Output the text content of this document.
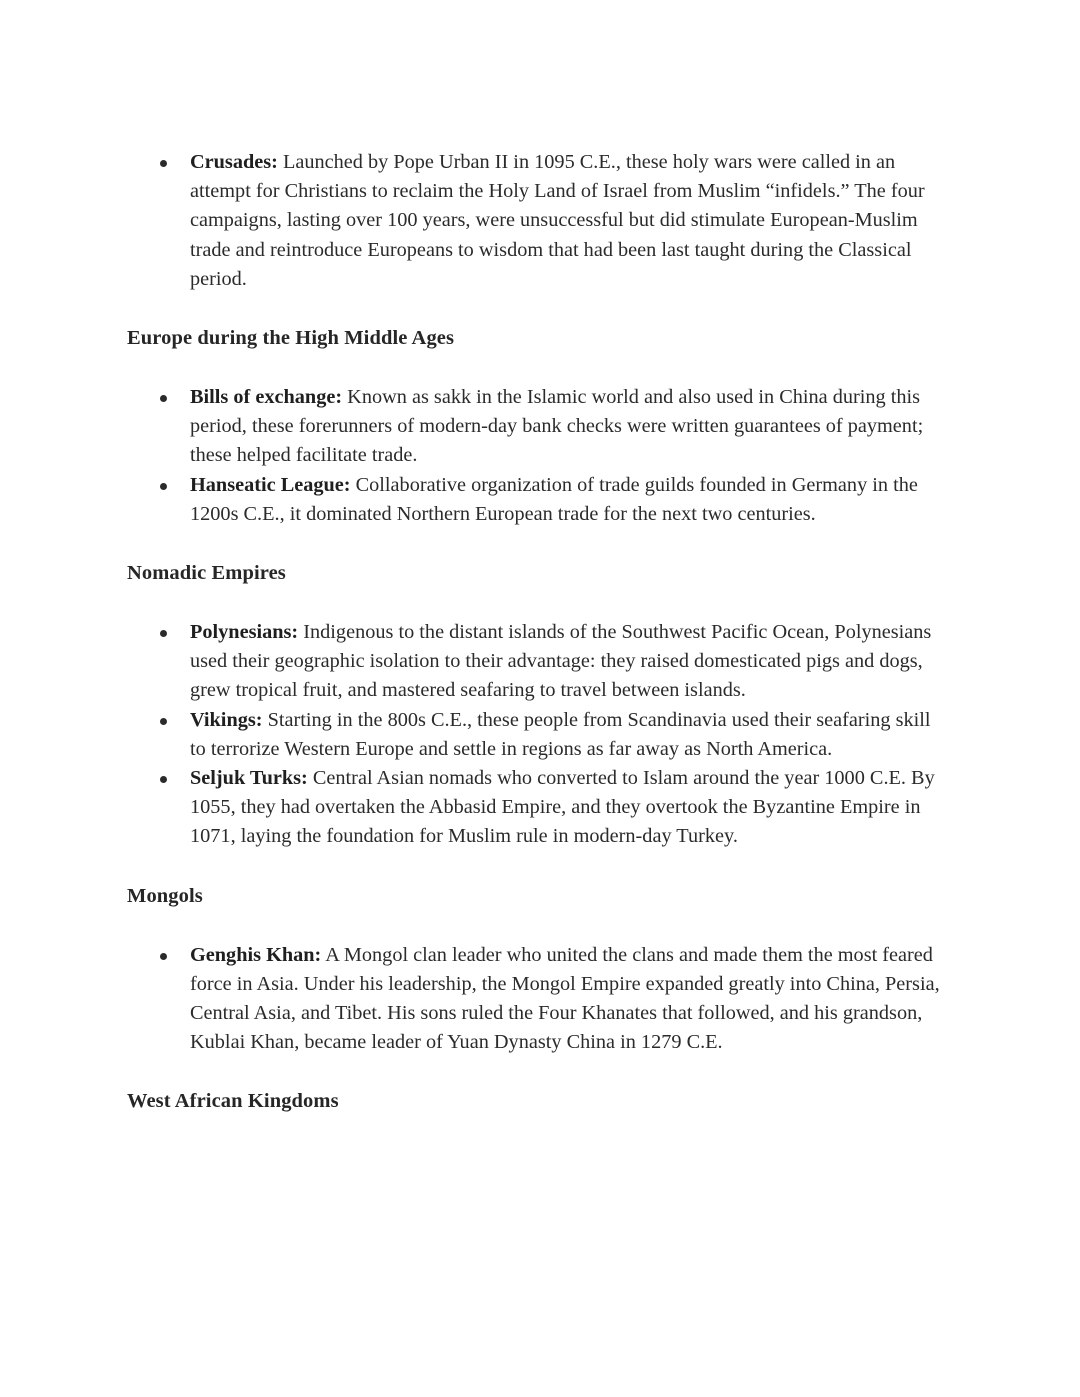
Crusades: Launched by Pope Urban II in 1095 C.E., these holy wars were called in an attempt for Christians to reclaim the Holy Land of Israel from Muslim “infidels.” The four campaigns, lasting over 100 years, were unsuccessful but did stimulate European-Muslim trade and reintroduce Europeans to wisdom that had been last taught during the Classical period.
Europe during the High Middle Ages
Bills of exchange: Known as sakk in the Islamic world and also used in China during this period, these forerunners of modern-day bank checks were written guarantees of payment; these helped facilitate trade.
Hanseatic League: Collaborative organization of trade guilds founded in Germany in the 1200s C.E., it dominated Northern European trade for the next two centuries.
Nomadic Empires
Polynesians: Indigenous to the distant islands of the Southwest Pacific Ocean, Polynesians used their geographic isolation to their advantage: they raised domesticated pigs and dogs, grew tropical fruit, and mastered seafaring to travel between islands.
Vikings: Starting in the 800s C.E., these people from Scandinavia used their seafaring skill to terrorize Western Europe and settle in regions as far away as North America.
Seljuk Turks: Central Asian nomads who converted to Islam around the year 1000 C.E. By 1055, they had overtaken the Abbasid Empire, and they overtook the Byzantine Empire in 1071, laying the foundation for Muslim rule in modern-day Turkey.
Mongols
Genghis Khan: A Mongol clan leader who united the clans and made them the most feared force in Asia. Under his leadership, the Mongol Empire expanded greatly into China, Persia, Central Asia, and Tibet. His sons ruled the Four Khanates that followed, and his grandson, Kublai Khan, became leader of Yuan Dynasty China in 1279 C.E.
West African Kingdoms
